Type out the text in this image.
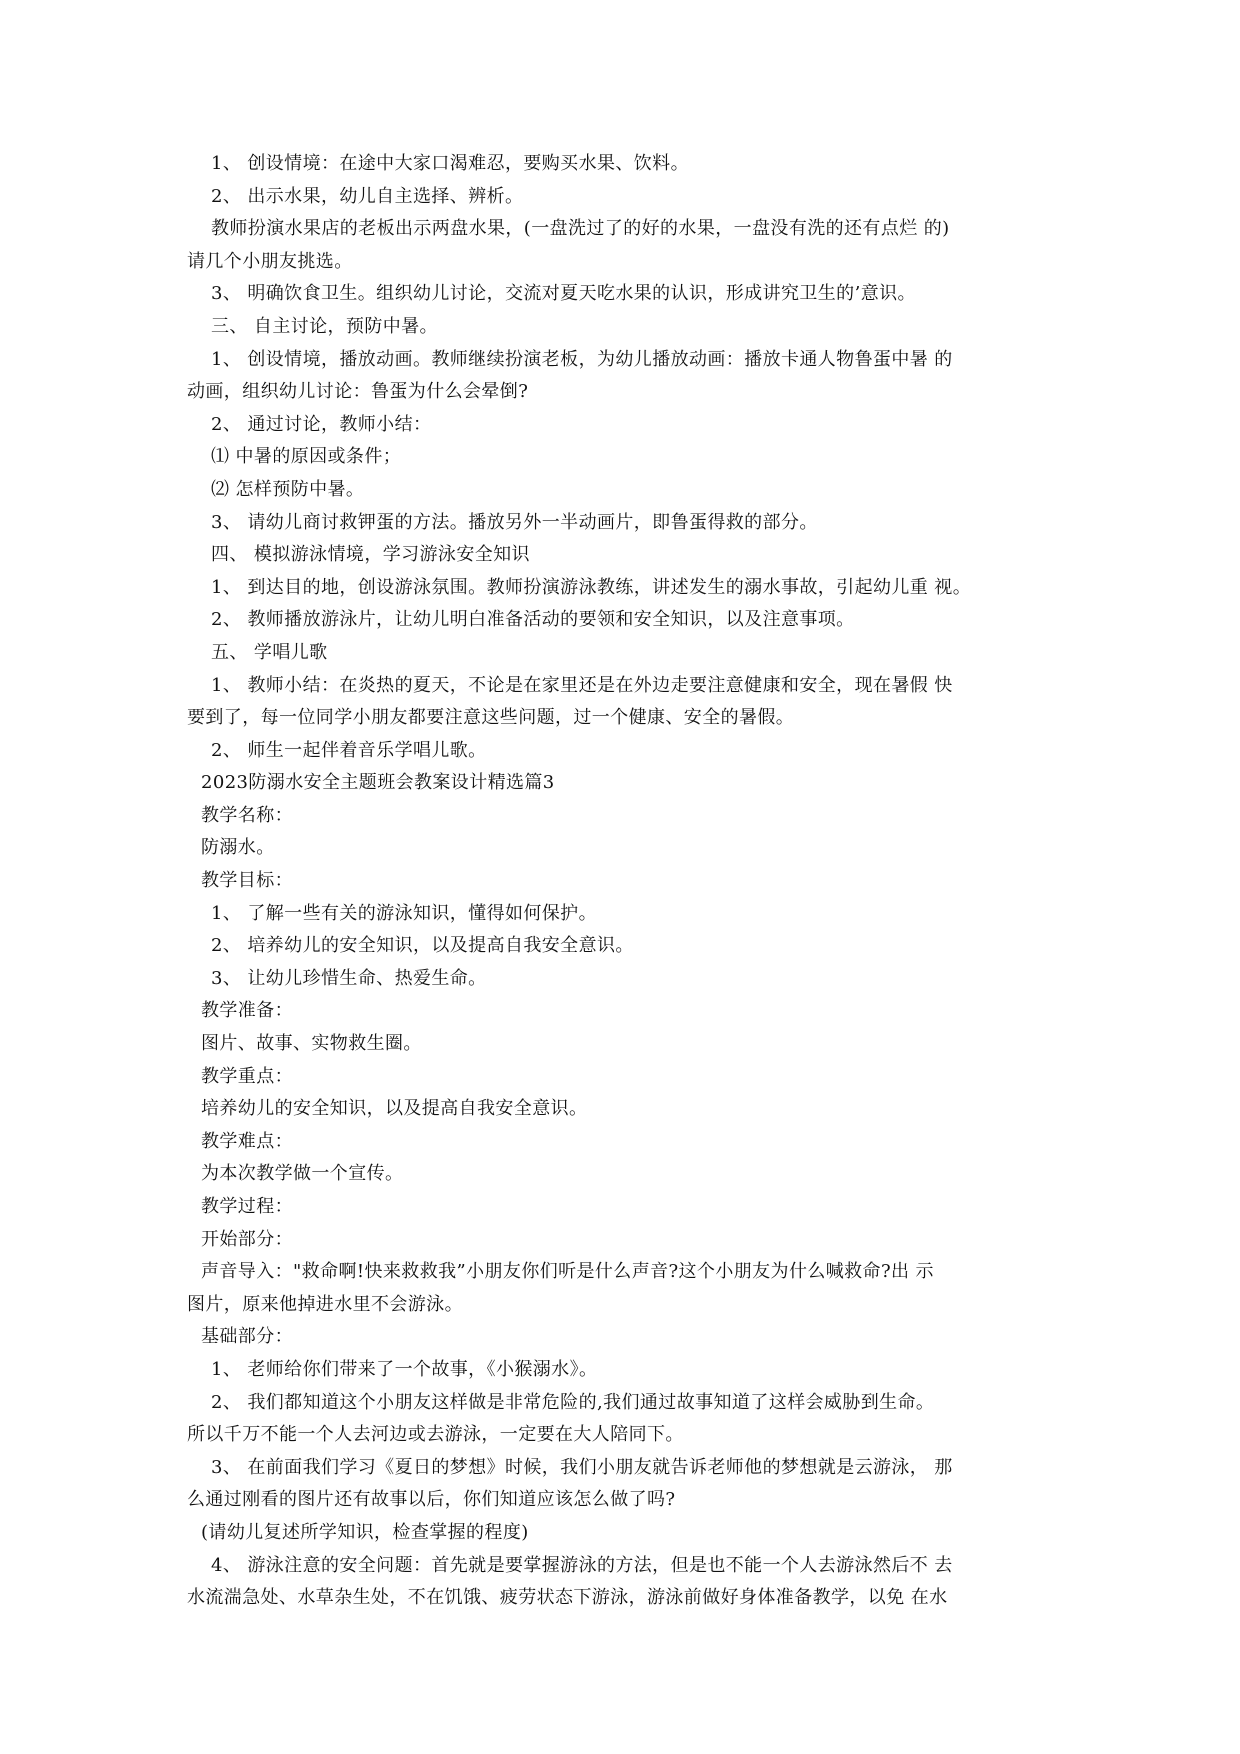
1、 创设情境：在途中大家口渴难忍，要购买水果、饮料。
2、 出示水果，幼儿自主选择、辨析。
教师扮演水果店的老板出示两盘水果，(一盘洗过了的好的水果，一盘没有洗的还有点烂 的)
请几个小朋友挑选。
3、 明确饮食卫生。组织幼儿讨论，交流对夏天吃水果的认识，形成讲究卫生的’意识。
三、 自主讨论，预防中暑。
1、 创设情境，播放动画。教师继续扮演老板，为幼儿播放动画：播放卡通人物鲁蛋中暑 的
动画，组织幼儿讨论：鲁蛋为什么会晕倒?
2、 通过讨论，教师小结：
⑴ 中暑的原因或条件；
⑵ 怎样预防中暑。
3、 请幼儿商讨救钾蛋的方法。播放另外一半动画片，即鲁蛋得救的部分。
四、 模拟游泳情境，学习游泳安全知识
1、 到达目的地，创设游泳氛围。教师扮演游泳教练，讲述发生的溺水事故，引起幼儿重 视。
2、 教师播放游泳片，让幼儿明白准备活动的要领和安全知识，以及注意事项。
五、 学唱儿歌
1、 教师小结：在炎热的夏天，不论是在家里还是在外边走要注意健康和安全，现在暑假 快
要到了，每一位同学小朋友都要注意这些问题，过一个健康、安全的暑假。
2、 师生一起伴着音乐学唱儿歌。
2023防溺水安全主题班会教案设计精选篇3
教学名称：
防溺水。
教学目标：
1、 了解一些有关的游泳知识，懂得如何保护。
2、 培养幼儿的安全知识，以及提高自我安全意识。
3、 让幼儿珍惜生命、热爱生命。
教学准备：
图片、故事、实物救生圈。
教学重点：
培养幼儿的安全知识，以及提高自我安全意识。
教学难点：
为本次教学做一个宣传。
教学过程：
开始部分：
声音导入："救命啊!快来救救我”小朋友你们听是什么声音?这个小朋友为什么喊救命?出 示
图片，原来他掉进水里不会游泳。
基础部分：
1、 老师给你们带来了一个故事，《小猴溺水》。
2、 我们都知道这个小朋友这样做是非常危险的,我们通过故事知道了这样会威胁到生命。
所以千万不能一个人去河边或去游泳，一定要在大人陪同下。
3、 在前面我们学习《夏日的梦想》时候，我们小朋友就告诉老师他的梦想就是云游泳， 那
么通过刚看的图片还有故事以后，你们知道应该怎么做了吗?
(请幼儿复述所学知识，检查掌握的程度)
4、 游泳注意的安全问题：首先就是要掌握游泳的方法，但是也不能一个人去游泳然后不 去
水流湍急处、水草杂生处，不在饥饿、疲劳状态下游泳，游泳前做好身体准备教学，以免 在水
